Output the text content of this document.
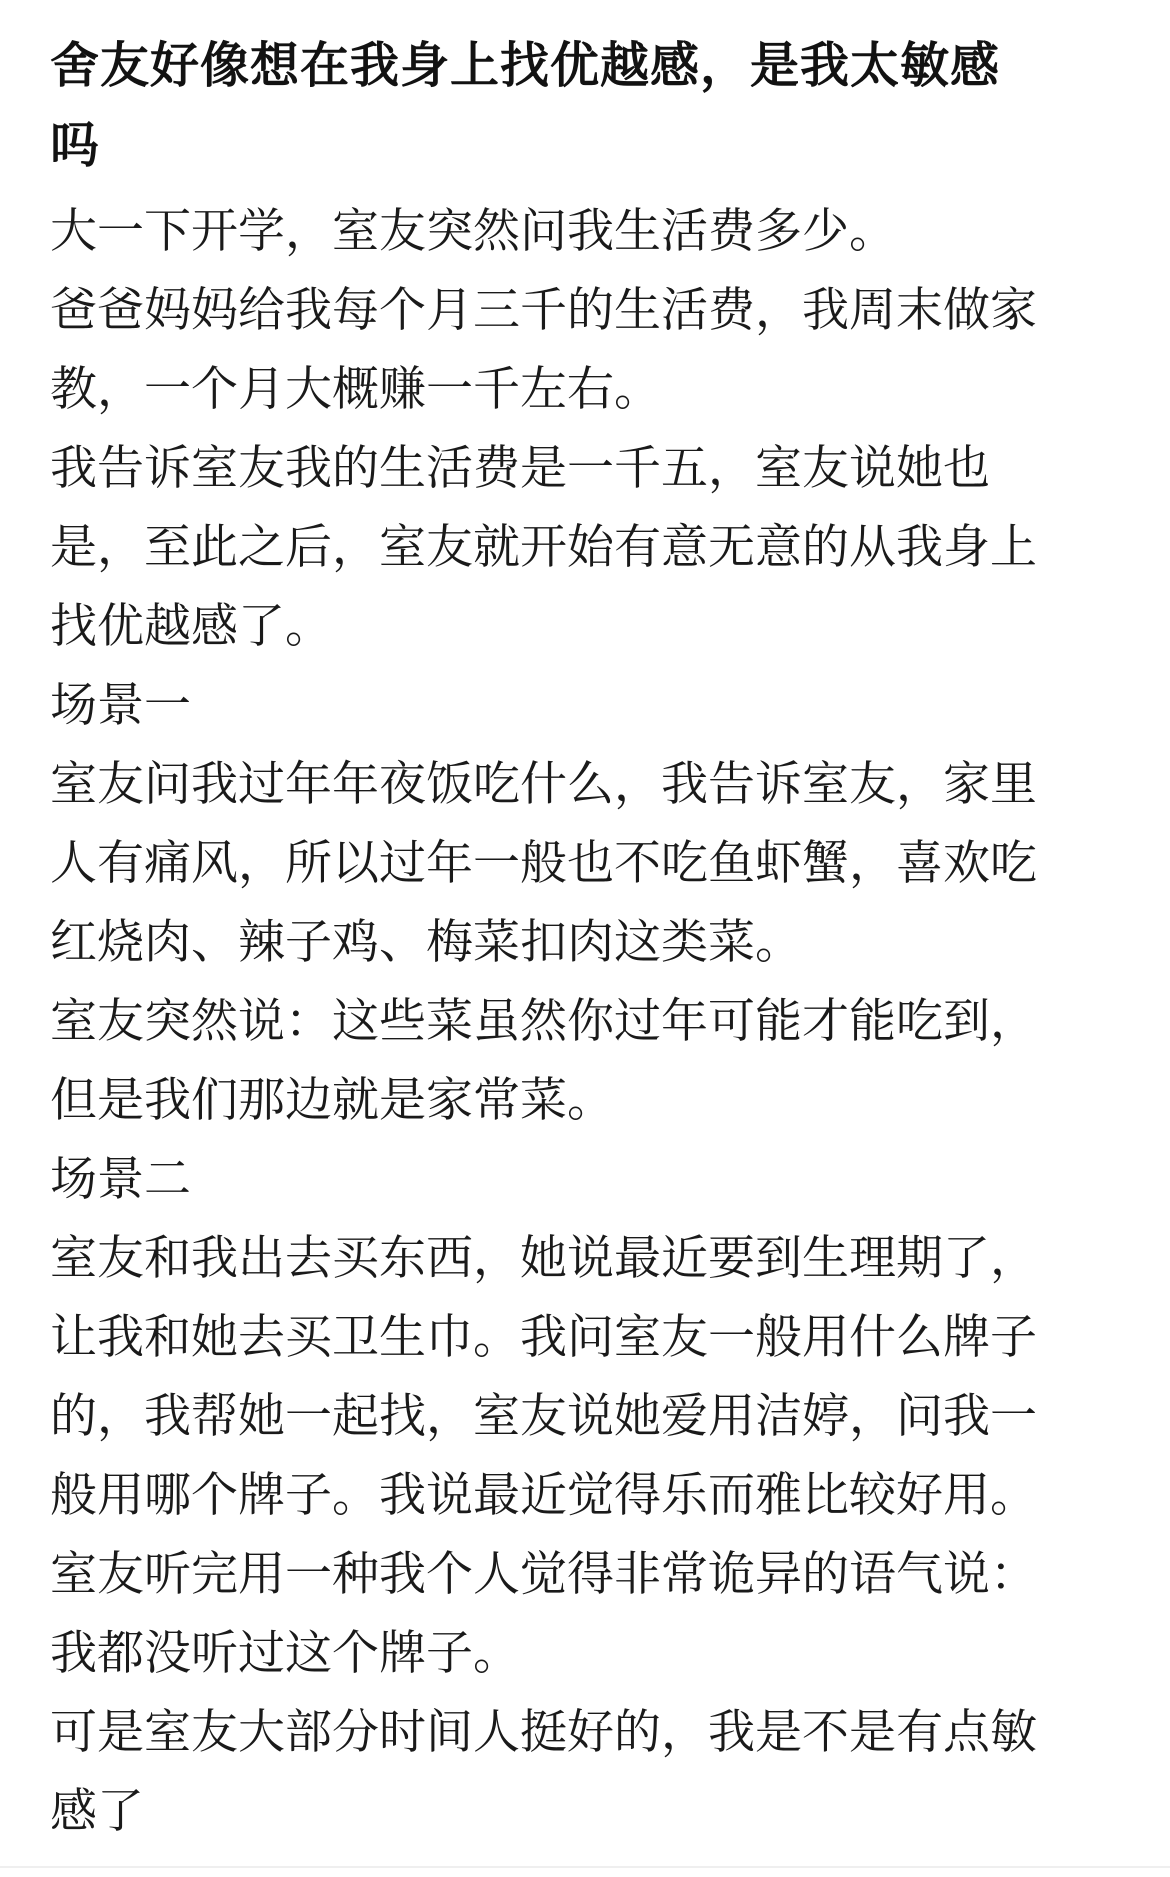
舍友好像想在我身上找优越感，是我太敏感
吗

大一下开学，室友突然问我生活费多少。

爸爸妈妈给我每个月三千的生活费，我周末做家

教，一个月大概赚一千左右。

我告诉室友我的生活费是一千五，室友说她也

是，至此之后，室友就开始有意无意的从我身上

找优越感了。

场景一

室友问我过年年夜饭吃什么，我告诉室友，家里

人有痛风，所以过年一般也不吃鱼虾蟹，喜欢吃

红烧肉、辣子鸡、梅菜扣肉这类菜。

室友突然说：这些菜虽然你过年可能才能吃到，

但是我们那边就是家常菜。

场景二

室友和我出去买东西，她说最近要到生理期了，

让我和她去买卫生巾。我问室友一般用什么牌子

的，我帮她一起找，室友说她爱用洁婷，问我一

般用哪个牌子。我说最近觉得乐而雅比较好用。

室友听完用一种我个人觉得非常诡异的语气说：

我都没听过这个牌子。

可是室友大部分时间人挺好的，我是不是有点敏

感了
